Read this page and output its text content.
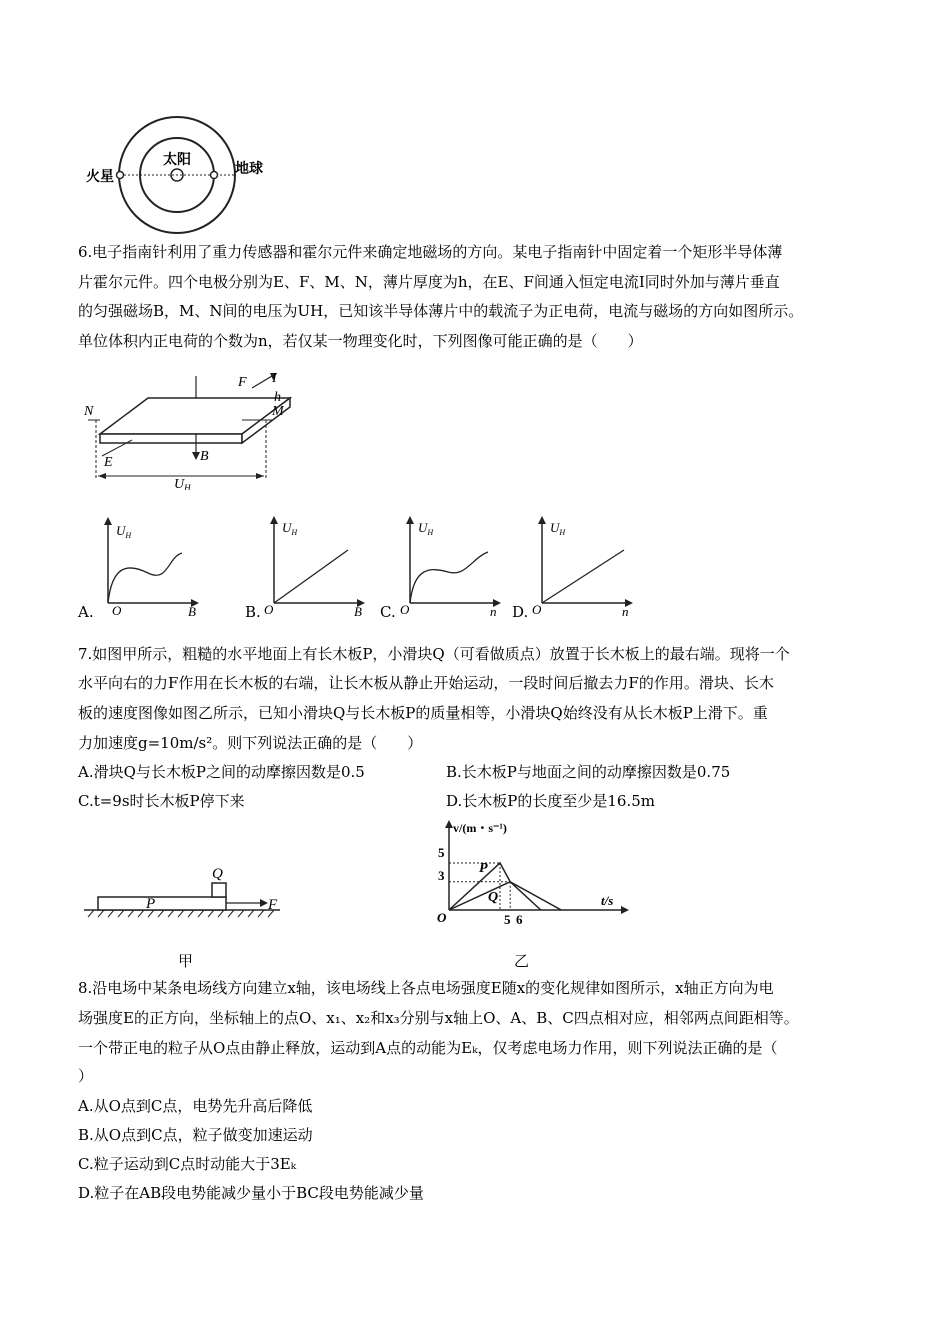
火星
太阳
地球
6.电子指南针利用了重力传感器和霍尔元件来确定地磁场的方向。某电子指南针中固定着一个矩形半导体薄
片霍尔元件。四个电极分别为E、F、M、N，薄片厚度为h，在E、F间通入恒定电流I同时外加与薄片垂直
的匀强磁场B，M、N间的电压为UH，已知该半导体薄片中的载流子为正电荷，电流与磁场的方向如图所示。
单位体积内正电荷的个数为n，若仅某一物理变化时，下列图像可能正确的是（　　）
F I
h
M
N
E	B
$U_H$
A.
$U_H$
O	B	B.
$U_H$
O	B C.
$U_H$
O	n D.
$U_H$
O	n
7.如图甲所示，粗糙的水平地面上有长木板P，小滑块Q（可看做质点）放置于长木板上的最右端。现将一个
水平向右的力F作用在长木板的右端，让长木板从静止开始运动，一段时间后撤去力F的作用。滑块、长木
板的速度图像如图乙所示，已知小滑块Q与长木板P的质量相等，小滑块Q始终没有从长木板P上滑下。重
力加速度g=10m/s²。则下列说法正确的是（　　）
A.滑块Q与长木板P之间的动摩擦因数是0.5	B.长木板P与地面之间的动摩擦因数是0.75
C.t=9s时长木板P停下来	D.长木板P的长度至少是16.5m
P
Q
F
甲
v/(m・s⁻¹)
t/s
O
5
3
5 6
P
Q
乙
8.沿电场中某条电场线方向建立x轴，该电场线上各点电场强度E随x的变化规律如图所示，x轴正方向为电
场强度E的正方向，坐标轴上的点O、x₁、x₂和x₃分别与x轴上O、A、B、C四点相对应，相邻两点间距相等。
一个带正电的粒子从O点由静止释放，运动到A点的动能为Eₖ，仅考虑电场力作用，则下列说法正确的是（
）
A.从O点到C点，电势先升高后降低
B.从O点到C点，粒子做变加速运动
C.粒子运动到C点时动能大于3Eₖ
D.粒子在AB段电势能减少量小于BC段电势能减少量
